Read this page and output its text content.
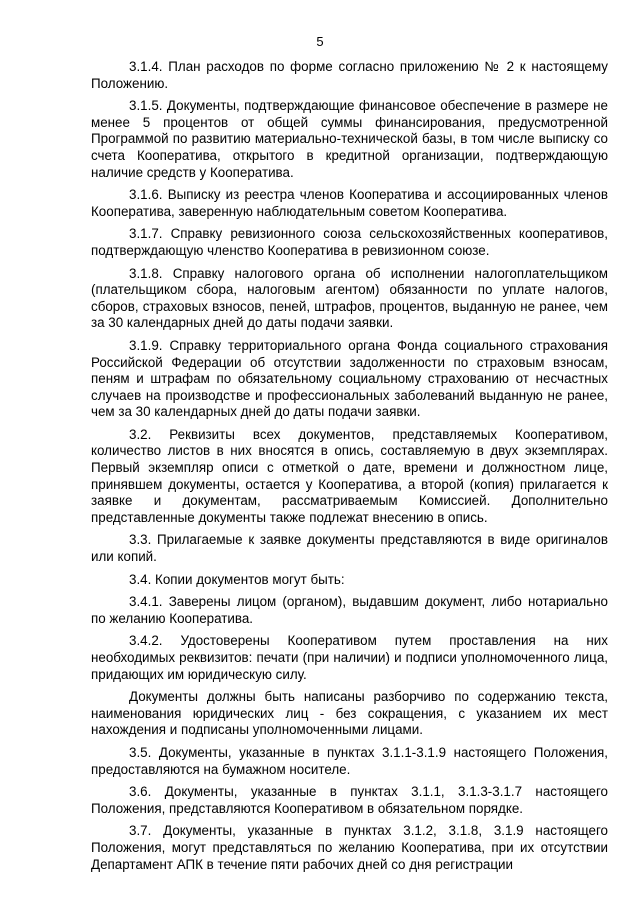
5

3.1.4. План расходов по форме согласно приложению № 2 к настоящему Положению.

3.1.5. Документы, подтверждающие финансовое обеспечение в размере не менее 5 процентов от общей суммы финансирования, предусмотренной Программой по развитию материально-технической базы, в том числе выписку со счета Кооператива, открытого в кредитной организации, подтверждающую наличие средств у Кооператива.

3.1.6. Выписку из реестра членов Кооператива и ассоциированных членов Кооператива, заверенную наблюдательным советом Кооператива.

3.1.7. Справку ревизионного союза сельскохозяйственных кооперативов, подтверждающую членство Кооператива в ревизионном союзе.

3.1.8. Справку налогового органа об исполнении налогоплательщиком (плательщиком сбора, налоговым агентом) обязанности по уплате налогов, сборов, страховых взносов, пеней, штрафов, процентов, выданную не ранее, чем за 30 календарных дней до даты подачи заявки.

3.1.9. Справку территориального органа Фонда социального страхования Российской Федерации об отсутствии задолженности по страховым взносам, пеням и штрафам по обязательному социальному страхованию от несчастных случаев на производстве и профессиональных заболеваний выданную не ранее, чем за 30 календарных дней до даты подачи заявки.

3.2. Реквизиты всех документов, представляемых Кооперативом, количество листов в них вносятся в опись, составляемую в двух экземплярах. Первый экземпляр описи с отметкой о дате, времени и должностном лице, принявшем документы, остается у Кооператива, а второй (копия) прилагается к заявке и документам, рассматриваемым Комиссией. Дополнительно представленные документы также подлежат внесению в опись.

3.3. Прилагаемые к заявке документы представляются в виде оригиналов или копий.

3.4. Копии документов могут быть:

3.4.1. Заверены лицом (органом), выдавшим документ, либо нотариально по желанию Кооператива.

3.4.2. Удостоверены Кооперативом путем проставления на них необходимых реквизитов: печати (при наличии) и подписи уполномоченного лица, придающих им юридическую силу.

Документы должны быть написаны разборчиво по содержанию текста, наименования юридических лиц - без сокращения, с указанием их мест нахождения и подписаны уполномоченными лицами.

3.5. Документы, указанные в пунктах 3.1.1-3.1.9 настоящего Положения, предоставляются на бумажном носителе.

3.6. Документы, указанные в пунктах 3.1.1, 3.1.3-3.1.7 настоящего Положения, представляются Кооперативом в обязательном порядке.

3.7. Документы, указанные в пунктах 3.1.2, 3.1.8, 3.1.9 настоящего Положения, могут представляться по желанию Кооператива, при их отсутствии Департамент АПК в течение пяти рабочих дней со дня регистрации
